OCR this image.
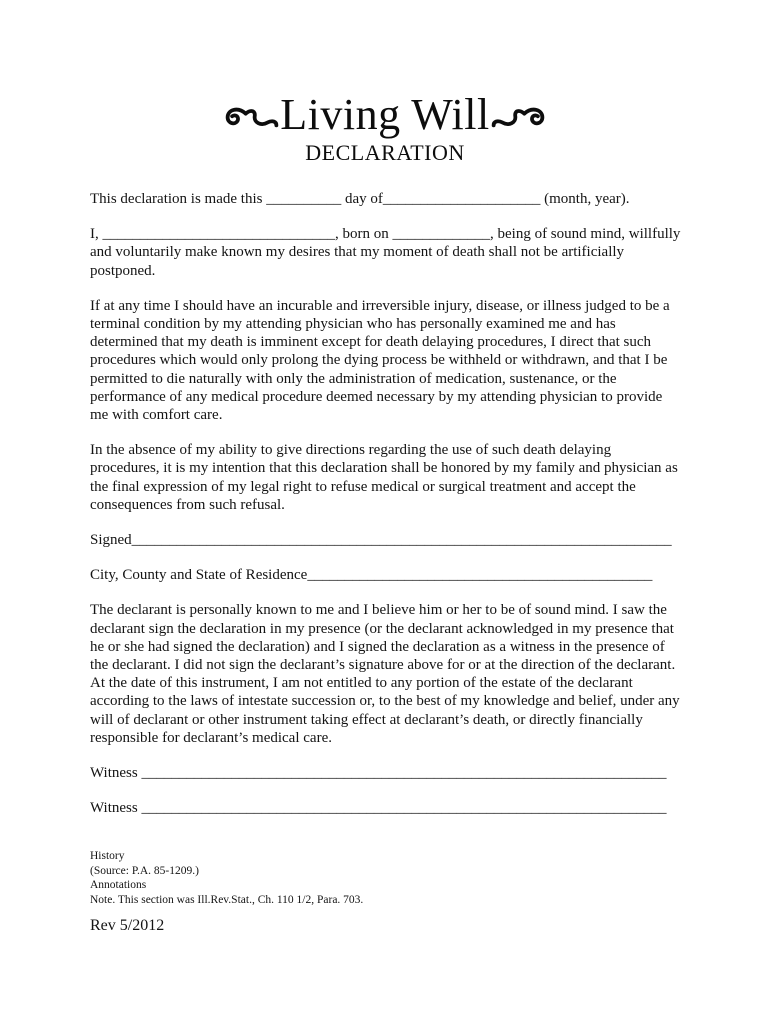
Living Will
DECLARATION

This declaration is made this __________ day of_____________________ (month, year).

I, _______________________________, born on _____________, being of sound mind, willfully and voluntarily make known my desires that my moment of death shall not be artificially postponed.

If at any time I should have an incurable and irreversible injury, disease, or illness judged to be a terminal condition by my attending physician who has personally examined me and has determined that my death is imminent except for death delaying procedures, I direct that such procedures which would only prolong the dying process be withheld or withdrawn, and that I be permitted to die naturally with only the administration of medication, sustenance, or the performance of any medical procedure deemed necessary by my attending physician to provide me with comfort care.

In the absence of my ability to give directions regarding the use of such death delaying procedures, it is my intention that this declaration shall be honored by my family and physician as the final expression of my legal right to refuse medical or surgical treatment and accept the consequences from such refusal.

Signed________________________________________________________________________

City, County and State of Residence______________________________________________

The declarant is personally known to me and I believe him or her to be of sound mind. I saw the declarant sign the declaration in my presence (or the declarant acknowledged in my presence that he or she had signed the declaration) and I signed the declaration as a witness in the presence of the declarant. I did not sign the declarant’s signature above for or at the direction of the declarant. At the date of this instrument, I am not entitled to any portion of the estate of the declarant according to the laws of intestate succession or, to the best of my knowledge and belief, under any will of declarant or other instrument taking effect at declarant’s death, or directly financially responsible for declarant’s medical care.

Witness ______________________________________________________________________

Witness ______________________________________________________________________

History
(Source: P.A. 85-1209.)
Annotations
Note. This section was Ill.Rev.Stat., Ch. 110 1/2, Para. 703.
Rev 5/2012
